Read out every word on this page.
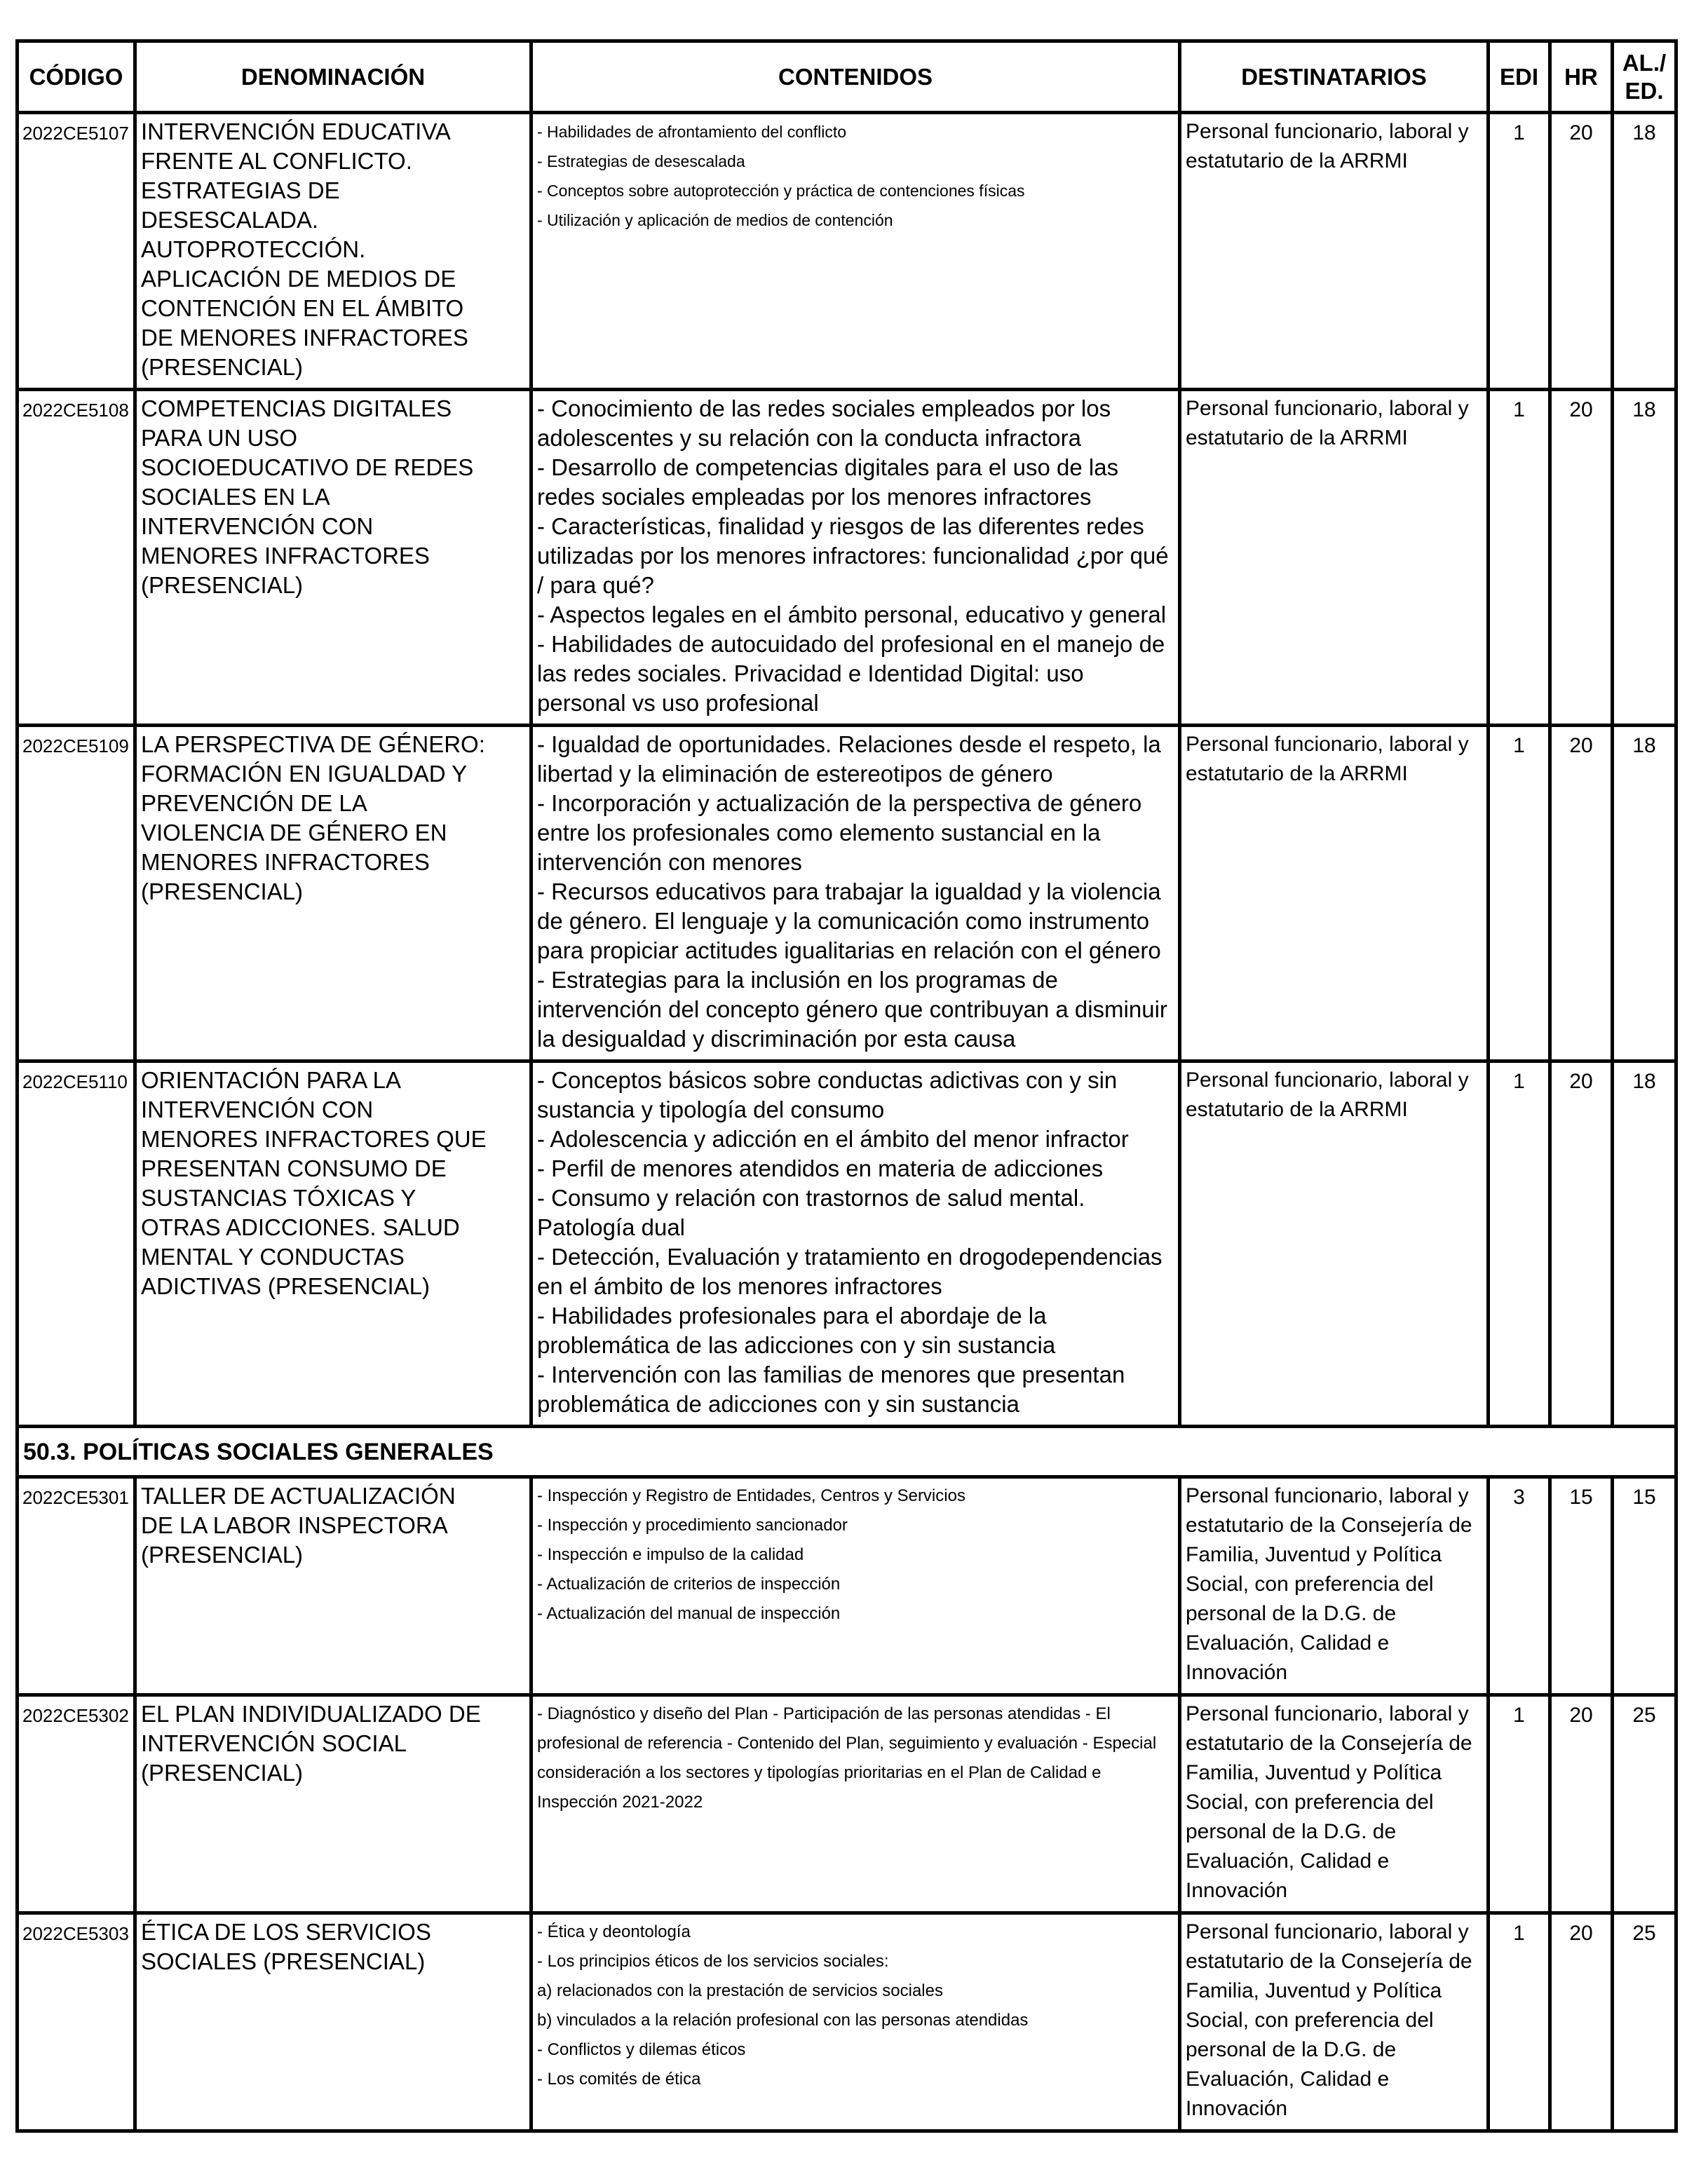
CÓDIGO	DENOMINACIÓN	CONTENIDOS	DESTINATARIOS	EDI	HR	AL./
ED.
2022CE5107	INTERVENCIÓN EDUCATIVA FRENTE AL CONFLICTO. ESTRATEGIAS DE DESESCALADA. AUTOPROTECCIÓN. APLICACIÓN DE MEDIOS DE CONTENCIÓN EN EL ÁMBITO DE MENORES INFRACTORES (PRESENCIAL)	- Habilidades de afrontamiento del conflicto
- Estrategias de desescalada
- Conceptos sobre autoprotección y práctica de contenciones físicas
- Utilización y aplicación de medios de contención	Personal funcionario, laboral y estatutario de la ARRMI	1	20	18
2022CE5108	COMPETENCIAS DIGITALES PARA UN USO SOCIOEDUCATIVO DE REDES SOCIALES EN LA INTERVENCIÓN CON MENORES INFRACTORES (PRESENCIAL)	- Conocimiento de las redes sociales empleados por los adolescentes y su relación con la conducta infractora
- Desarrollo de competencias digitales para el uso de las redes sociales empleadas por los menores infractores
- Características, finalidad y riesgos de las diferentes redes utilizadas por los menores infractores: funcionalidad ¿por qué / para qué?
- Aspectos legales en el ámbito personal, educativo y general
- Habilidades de autocuidado del profesional en el manejo de las redes sociales. Privacidad e Identidad Digital: uso personal vs uso profesional	Personal funcionario, laboral y estatutario de la ARRMI	1	20	18
2022CE5109	LA PERSPECTIVA DE GÉNERO: FORMACIÓN EN IGUALDAD Y PREVENCIÓN DE LA VIOLENCIA DE GÉNERO EN MENORES INFRACTORES (PRESENCIAL)	- Igualdad de oportunidades. Relaciones desde el respeto, la libertad y la eliminación de estereotipos de género
- Incorporación y actualización de la perspectiva de género entre los profesionales como elemento sustancial en la intervención con menores
- Recursos educativos para trabajar la igualdad y la violencia de género. El lenguaje y la comunicación como instrumento para propiciar actitudes igualitarias en relación con el género
- Estrategias para la inclusión en los programas de intervención del concepto género que contribuyan a disminuir la desigualdad y discriminación por esta causa	Personal funcionario, laboral y estatutario de la ARRMI	1	20	18
2022CE5110	ORIENTACIÓN PARA LA INTERVENCIÓN CON MENORES INFRACTORES QUE PRESENTAN CONSUMO DE SUSTANCIAS TÓXICAS Y OTRAS ADICCIONES. SALUD MENTAL Y CONDUCTAS ADICTIVAS (PRESENCIAL)	- Conceptos básicos sobre conductas adictivas con y sin sustancia y tipología del consumo
- Adolescencia y adicción en el ámbito del menor infractor
- Perfil de menores atendidos en materia de adicciones
- Consumo y relación con trastornos de salud mental. Patología dual
- Detección, Evaluación y tratamiento en drogodependencias en el ámbito de los menores infractores
- Habilidades profesionales para el abordaje de la problemática de las adicciones con y sin sustancia
- Intervención con las familias de menores que presentan problemática de adicciones con y sin sustancia	Personal funcionario, laboral y estatutario de la ARRMI	1	20	18
50.3. POLÍTICAS SOCIALES GENERALES						
2022CE5301	TALLER DE ACTUALIZACIÓN DE LA LABOR INSPECTORA (PRESENCIAL)	- Inspección y Registro de Entidades, Centros y Servicios
- Inspección y procedimiento sancionador
- Inspección e impulso de la calidad
- Actualización de criterios de inspección
- Actualización del manual de inspección	Personal funcionario, laboral y estatutario de la Consejería de Familia, Juventud y Política Social, con preferencia del personal de la D.G. de Evaluación, Calidad e Innovación	3	15	15
2022CE5302	EL PLAN INDIVIDUALIZADO DE INTERVENCIÓN SOCIAL (PRESENCIAL)	- Diagnóstico y diseño del Plan - Participación de las personas atendidas - El profesional de referencia - Contenido del Plan, seguimiento y evaluación - Especial consideración a los sectores y tipologías prioritarias en el Plan de Calidad e Inspección 2021-2022	Personal funcionario, laboral y estatutario de la Consejería de Familia, Juventud y Política Social, con preferencia del personal de la D.G. de Evaluación, Calidad e Innovación	1	20	25
2022CE5303	ÉTICA DE LOS SERVICIOS SOCIALES (PRESENCIAL)	- Ética y deontología
- Los principios éticos de los servicios sociales:
a) relacionados con la prestación de servicios sociales
b) vinculados a la relación profesional con las personas atendidas
- Conflictos y dilemas éticos
- Los comités de ética	Personal funcionario, laboral y estatutario de la Consejería de Familia, Juventud y Política Social, con preferencia del personal de la D.G. de Evaluación, Calidad e Innovación	1	20	25
